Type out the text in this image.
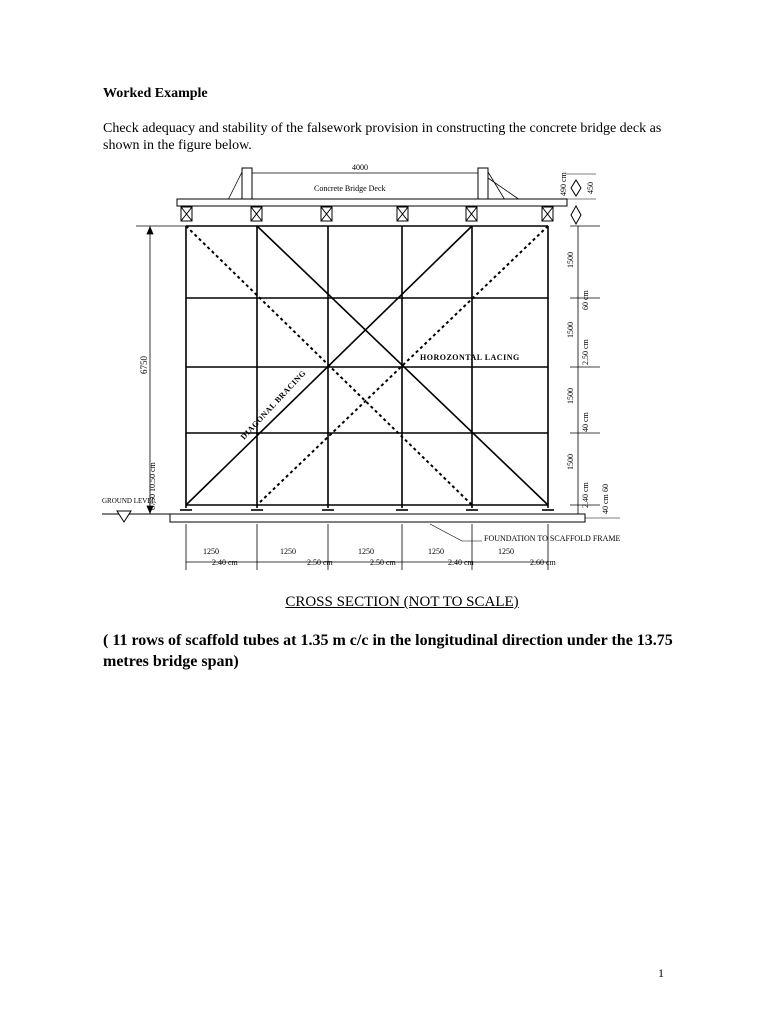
Worked Example
Check adequacy and stability of the falsework provision in constructing the concrete bridge deck as shown in the figure below.
4000
Concrete Bridge Deck	490 cm 450
HOROZONTAL LACING
DIAGONAL BRACING
GROUND LEVEL
FOUNDATION TO SCAFFOLD FRAME
6750
6750 10.50 cm
1500
1500
1500
1500
60 cm
2.50 cm
40 cm
2.40 cm 40 cm
60
1250	1250	1250	1250	1250
2.40 cm	2.50 cm	2.50 cm	2.40 cm	2.60 cm
CROSS SECTION (NOT TO SCALE)
( 11 rows of scaffold tubes at 1.35 m c/c in the longitudinal direction under the 13.75 metres bridge span)
1
